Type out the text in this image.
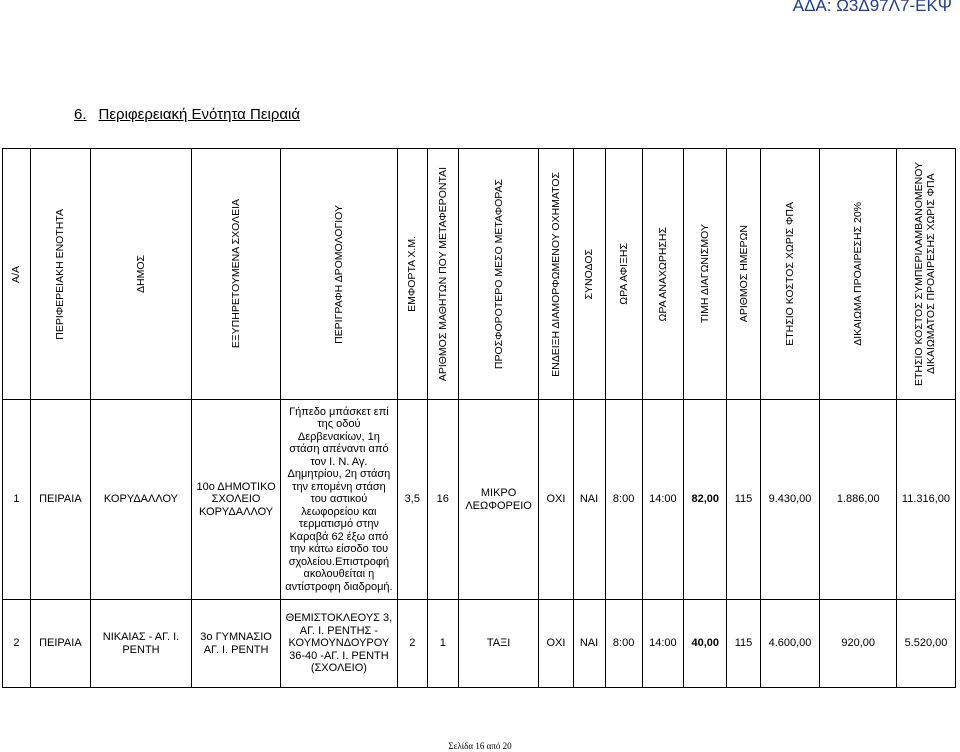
ΑΔΑ: Ω3Δ97Λ7-ΕΚΨ
6. Περιφερειακή Ενότητα Πειραιά
Α/Α	ΠΕΡΙΦΕΡΕΙΑΚΗ ΕΝΟΤΗΤΑ	ΔΗΜΟΣ	ΕΞΥΠΗΡΕΤΟΥΜΕΝΑ ΣΧΟΛΕΙΑ	ΠΕΡΙΓΡΑΦΗ ΔΡΟΜΟΛΟΓΙΟΥ	ΕΜΦΟΡΤΑ Χ.Μ.	ΑΡΙΘΜΟΣ ΜΑΘΗΤΩΝ ΠΟΥ ΜΕΤΑΦΕΡΟΝΤΑΙ	ΠΡΟΣΦΟΡΟΤΕΡΟ ΜΕΣΟ ΜΕΤΑΦΟΡΑΣ	ΕΝΔΕΙΞΗ ΔΙΑΜΟΡΦΩΜΕΝΟΥ ΟΧΗΜΑΤΟΣ	ΣΥΝΟΔΟΣ	ΩΡΑ ΑΦΙΞΗΣ	ΩΡΑ ΑΝΑΧΩΡΗΣΗΣ	ΤΙΜΗ ΔΙΑΓΩΝΙΣΜΟΥ	ΑΡΙΘΜΟΣ ΗΜΕΡΩΝ	ΕΤΗΣΙΟ ΚΟΣΤΟΣ ΧΩΡΙΣ ΦΠΑ	ΔΙΚΑΙΩΜΑ ΠΡΟΑΙΡΕΣΗΣ 20%	ΕΤΗΣΙΟ ΚΟΣΤΟΣ ΣΥΜΠΕΡΙΛΑΜΒΑΝΟΜΕΝΟΥ ΔΙΚΑΙΩΜΑΤΟΣ ΠΡΟΑΙΡΕΣΗΣ ΧΩΡΙΣ ΦΠΑ

1	ΠΕΙΡΑΙΑ	ΚΟΡΥΔΑΛΛΟΥ	10ο ΔΗΜΟΤΙΚΟ ΣΧΟΛΕΙΟ ΚΟΡΥΔΑΛΛΟΥ	Γήπεδο μπάσκετ επί της οδού Δερβενακίων, 1η στάση απέναντι από τον Ι. Ν. Αγ. Δημητρίου, 2η στάση την επομένη στάση του αστικού λεωφορείου και τερματισμό στην Καραβά 62 έξω από την κάτω είσοδο του σχολείου.Επιστροφή ακολουθείται η αντίστροφη διαδρομή.	3,5	16	ΜΙΚΡΟ ΛΕΩΦΟΡΕΙΟ	ΟΧΙ	ΝΑΙ	8:00	14:00	82,00	115	9.430,00	1.886,00	11.316,00
2	ΠΕΙΡΑΙΑ	ΝΙΚΑΙΑΣ - ΑΓ. Ι. ΡΕΝΤΗ	3ο ΓΥΜΝΑΣΙΟ ΑΓ. Ι. ΡΕΝΤΗ	ΘΕΜΙΣΤΟΚΛΕΟΥΣ 3, ΑΓ. Ι. ΡΕΝΤΗΣ - ΚΟΥΜΟΥΝΔΟΥΡΟΥ 36-40 -ΑΓ. Ι. ΡΕΝΤΗ (ΣΧΟΛΕΙΟ)	2	1	ΤΑΞΙ	ΟΧΙ	ΝΑΙ	8:00	14:00	40,00	115	4.600,00	920,00	5.520,00
Σελίδα 16 από 20
